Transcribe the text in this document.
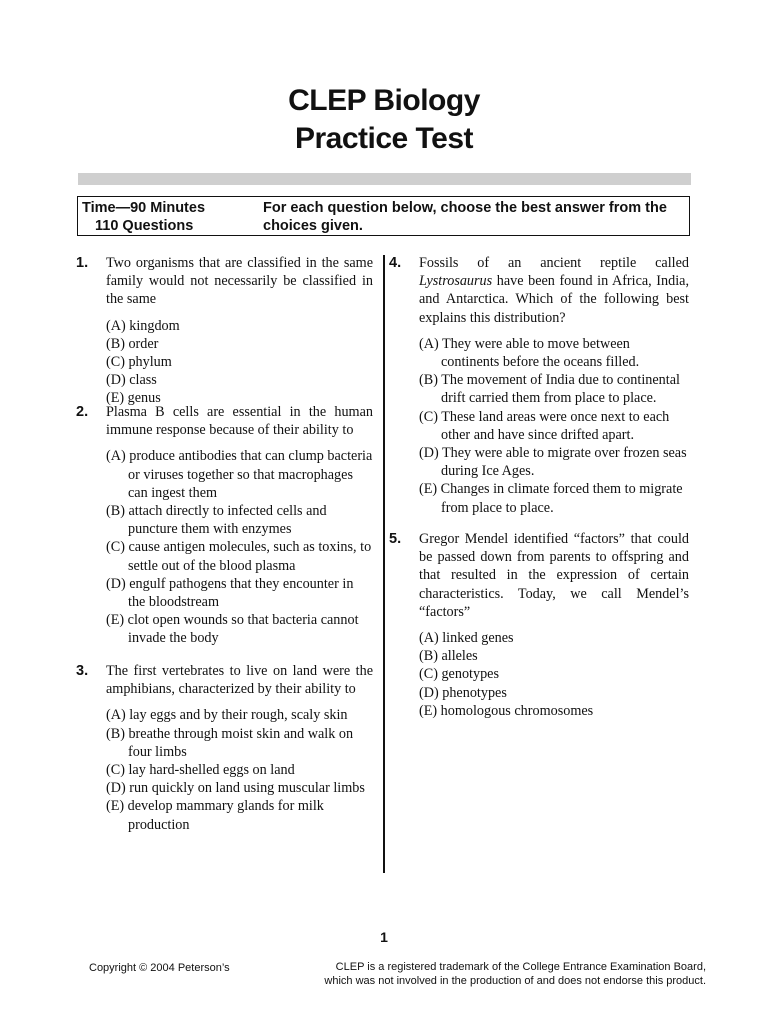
CLEP Biology
Practice Test
Time—90 Minutes
110 Questions
For each question below, choose the best answer from the choices given.
1. Two organisms that are classified in the same family would not necessarily be classified in the same
(A) kingdom
(B) order
(C) phylum
(D) class
(E) genus
2. Plasma B cells are essential in the human immune response because of their ability to
(A) produce antibodies that can clump bacteria or viruses together so that macrophages can ingest them
(B) attach directly to infected cells and puncture them with enzymes
(C) cause antigen molecules, such as toxins, to settle out of the blood plasma
(D) engulf pathogens that they encounter in the bloodstream
(E) clot open wounds so that bacteria cannot invade the body
3. The first vertebrates to live on land were the amphibians, characterized by their ability to
(A) lay eggs and by their rough, scaly skin
(B) breathe through moist skin and walk on four limbs
(C) lay hard-shelled eggs on land
(D) run quickly on land using muscular limbs
(E) develop mammary glands for milk production
4. Fossils of an ancient reptile called Lystrosaurus have been found in Africa, India, and Antarctica. Which of the following best explains this distribution?
(A) They were able to move between continents before the oceans filled.
(B) The movement of India due to continental drift carried them from place to place.
(C) These land areas were once next to each other and have since drifted apart.
(D) They were able to migrate over frozen seas during Ice Ages.
(E) Changes in climate forced them to migrate from place to place.
5. Gregor Mendel identified “factors” that could be passed down from parents to offspring and that resulted in the expression of certain characteristics. Today, we call Mendel’s “factors”
(A) linked genes
(B) alleles
(C) genotypes
(D) phenotypes
(E) homologous chromosomes
1
Copyright © 2004 Peterson’s	CLEP is a registered trademark of the College Entrance Examination Board,
which was not involved in the production of and does not endorse this product.
